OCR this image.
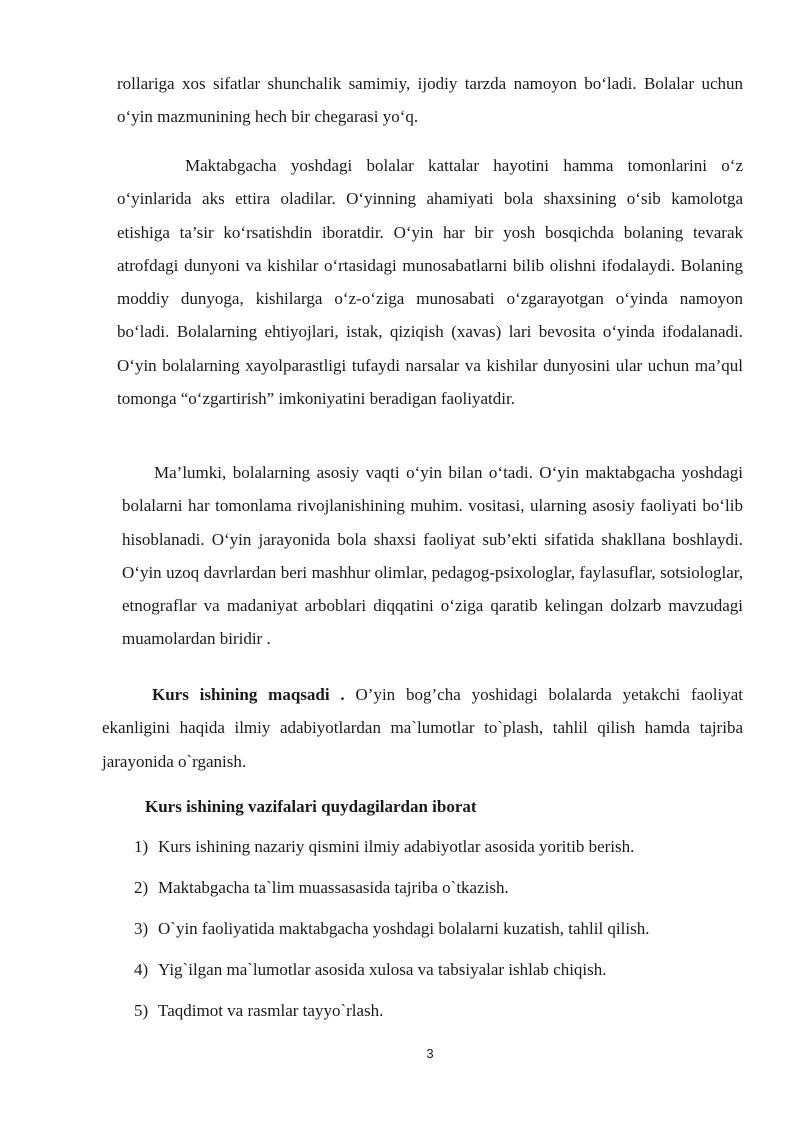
rollariga xos sifatlar shunchalik samimiy, ijodiy tarzda namoyon bo‘ladi. Bolalar uchun o‘yin mazmunining hech bir chegarasi yo‘q.

Maktabgacha yoshdagi bolalar kattalar hayotini hamma tomonlarini o‘z o‘yinlarida aks ettira oladilar. O‘yinning ahamiyati bola shaxsining o‘sib kamolotga etishiga ta’sir ko‘rsatishdin iboratdir. O‘yin har bir yosh bosqichda bolaning tevarak atrofdagi dunyoni va kishilar o‘rtasidagi munosabatlarni bilib olishni ifodalaydi. Bolaning moddiy dunyoga, kishilarga o‘z-o‘ziga munosabati o‘zgarayotgan o‘yinda namoyon bo‘ladi. Bolalarning ehtiyojlari, istak, qiziqish (xavas) lari bevosita o‘yinda ifodalanadi. O‘yin bolalarning xayolparastligi tufaydi narsalar va kishilar dunyosini ular uchun ma’qul tomonga “o‘zgartirish” imkoniyatini beradigan faoliyatdir.

Ma’lumki, bolalarning asosiy vaqti o‘yin bilan o‘tadi. O‘yin maktabgacha yoshdagi bolalarni har tomonlama rivojlanishining muhim. vositasi, ularning asosiy faoliyati bo‘lib hisoblanadi. O‘yin jarayonida bola shaxsi faoliyat sub’ekti sifatida shakllana boshlaydi. O‘yin uzoq davrlardan beri mashhur olimlar, pedagog-psixologlar, faylasuflar, sotsiologlar, etnograflar va madaniyat arboblari diqqatini o‘ziga qaratib kelingan dolzarb mavzudagi muamolardan biridir .

Kurs ishining maqsadi . O’yin bog’cha yoshidagi bolalarda yetakchi faoliyat ekanligini haqida ilmiy adabiyotlardan ma`lumotlar to`plash, tahlil qilish hamda tajriba jarayonida o`rganish.

Kurs ishining vazifalari quydagilardan iborat

1) Kurs ishining nazariy qismini ilmiy adabiyotlar asosida yoritib berish.
2) Maktabgacha ta`lim muassasasida tajriba o`tkazish.
3) O`yin faoliyatida maktabgacha yoshdagi bolalarni kuzatish, tahlil qilish.
4) Yig`ilgan ma`lumotlar asosida xulosa va tabsiyalar ishlab chiqish.
5) Taqdimot va rasmlar tayyo`rlash.
3
